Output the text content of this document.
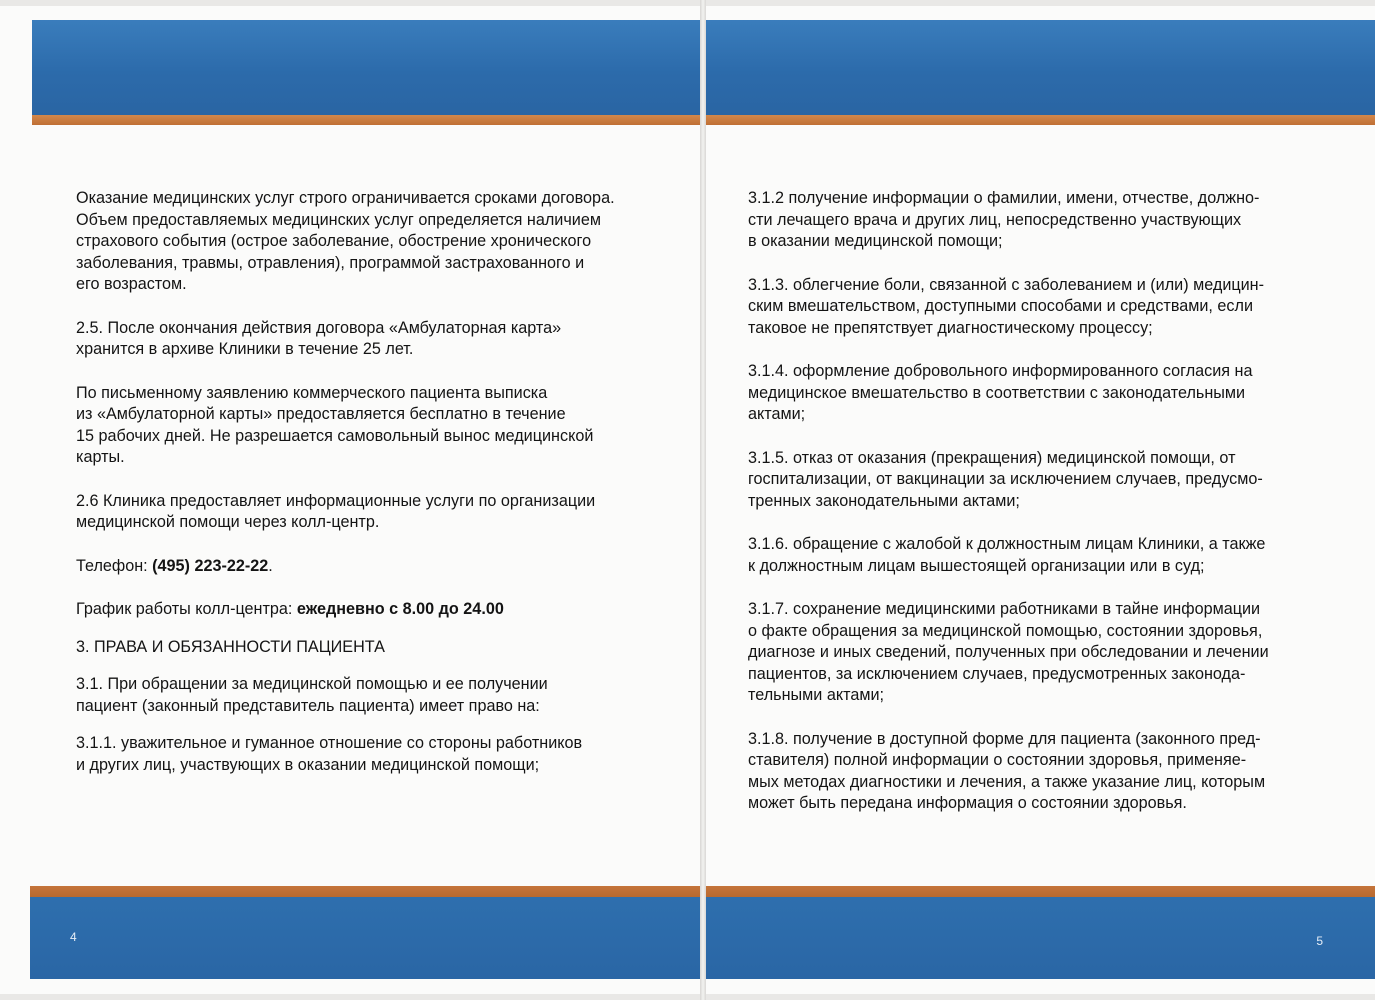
Оказание медицинских услуг строго ограничивается сроками договора.
Объем предоставляемых медицинских услуг определяется наличием
страхового события (острое заболевание, обострение хронического
заболевания, травмы, отравления), программой застрахованного и
его возрастом.

2.5. После окончания действия договора «Амбулаторная карта»
хранится в архиве Клиники в течение 25 лет.

По письменному заявлению коммерческого пациента выписка
из «Амбулаторной карты» предоставляется бесплатно в течение
15 рабочих дней. Не разрешается самовольный вынос медицинской
карты.

2.6 Клиника предоставляет информационные услуги по организации
медицинской помощи через колл-центр.

Телефон: (495) 223-22-22.

График работы колл-центра: ежедневно с 8.00 до 24.00

3. ПРАВА И ОБЯЗАННОСТИ ПАЦИЕНТА

3.1. При обращении за медицинской помощью и ее получении
пациент (законный представитель пациента) имеет право на:

3.1.1. уважительное и гуманное отношение со стороны работников
и других лиц, участвующих в оказании медицинской помощи;

4

3.1.2 получение информации о фамилии, имени, отчестве, должно-
сти лечащего врача и других лиц, непосредственно участвующих
в оказании медицинской помощи;

3.1.3. облегчение боли, связанной с заболеванием и (или) медицин-
ским вмешательством, доступными способами и средствами, если
таковое не препятствует диагностическому процессу;

3.1.4. оформление добровольного информированного согласия на
медицинское вмешательство в соответствии с законодательными
актами;

3.1.5. отказ от оказания (прекращения) медицинской помощи, от
госпитализации, от вакцинации за исключением случаев, предусмо-
тренных законодательными актами;

3.1.6. обращение с жалобой к должностным лицам Клиники, а также
к должностным лицам вышестоящей организации или в суд;

3.1.7. сохранение медицинскими работниками в тайне информации
о факте обращения за медицинской помощью, состоянии здоровья,
диагнозе и иных сведений, полученных при обследовании и лечении
пациентов, за исключением случаев, предусмотренных законода-
тельными актами;

3.1.8. получение в доступной форме для пациента (законного пред-
ставителя) полной информации о состоянии здоровья, применяе-
мых методах диагностики и лечения, а также указание лиц, которым
может быть передана информация о состоянии здоровья.

5
